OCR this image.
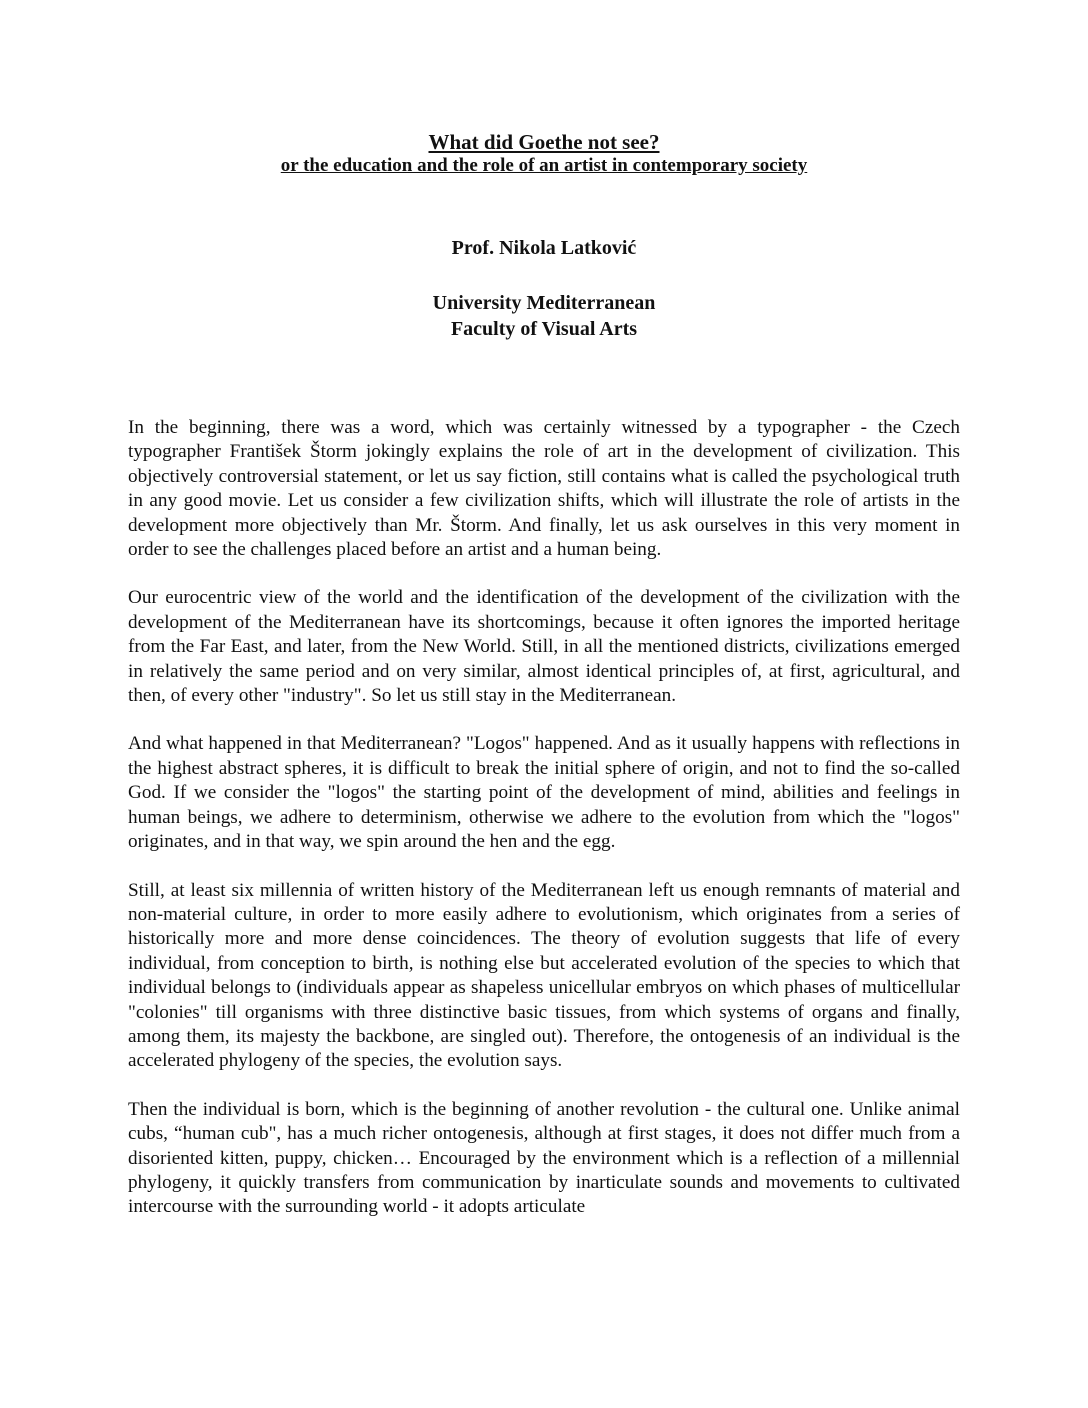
What did Goethe not see?
or the education and the role of an artist in contemporary society
Prof. Nikola Latković
University Mediterranean
Faculty of Visual Arts

In the beginning, there was a word, which was certainly witnessed by a typographer - the Czech typographer František Štorm jokingly explains the role of art in the development of civilization. This objectively controversial statement, or let us say fiction, still contains what is called the psychological truth in any good movie. Let us consider a few civilization shifts, which will illustrate the role of artists in the development more objectively than Mr. Štorm. And finally, let us ask ourselves in this very moment in order to see the challenges placed before an artist and a human being.

Our eurocentric view of the world and the identification of the development of the civilization with the development of the Mediterranean have its shortcomings, because it often ignores the imported heritage from the Far East, and later, from the New World. Still, in all the mentioned districts, civilizations emerged in relatively the same period and on very similar, almost identical principles of, at first, agricultural, and then, of every other "industry". So let us still stay in the Mediterranean.

And what happened in that Mediterranean? "Logos" happened. And as it usually happens with reflections in the highest abstract spheres, it is difficult to break the initial sphere of origin, and not to find the so-called God. If we consider the "logos" the starting point of the development of mind, abilities and feelings in human beings, we adhere to determinism, otherwise we adhere to the evolution from which the "logos" originates, and in that way, we spin around the hen and the egg.

Still, at least six millennia of written history of the Mediterranean left us enough remnants of material and non-material culture, in order to more easily adhere to evolutionism, which originates from a series of historically more and more dense coincidences. The theory of evolution suggests that life of every individual, from conception to birth, is nothing else but accelerated evolution of the species to which that individual belongs to (individuals appear as shapeless unicellular embryos on which phases of multicellular "colonies" till organisms with three distinctive basic tissues, from which systems of organs and finally, among them, its majesty the backbone, are singled out). Therefore, the ontogenesis of an individual is the accelerated phylogeny of the species, the evolution says.

Then the individual is born, which is the beginning of another revolution - the cultural one. Unlike animal cubs, “human cub", has a much richer ontogenesis, although at first stages, it does not differ much from a disoriented kitten, puppy, chicken… Encouraged by the environment which is a reflection of a millennial phylogeny, it quickly transfers from communication by inarticulate sounds and movements to cultivated intercourse with the surrounding world - it adopts articulate
